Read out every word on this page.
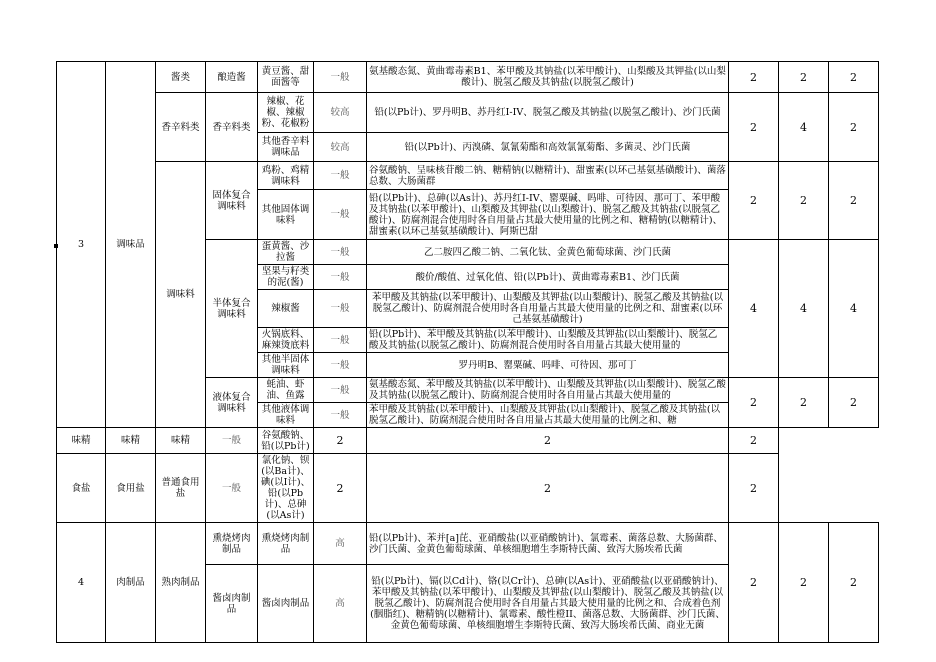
3	调味品	酱类	酿造酱	黄豆酱、甜面酱等	一般	氨基酸态氮、黄曲霉毒素B1、苯甲酸及其钠盐(以苯甲酸计)、山梨酸及其钾盐(以山梨酸计)、脱氢乙酸及其钠盐(以脱氢乙酸计)	2	2	2
		香辛料类	香辛料类	辣椒、花椒、辣椒粉、花椒粉	较高	铅(以Pb计)、罗丹明B、苏丹红I-IV、脱氢乙酸及其钠盐(以脱氢乙酸计)、沙门氏菌	2	4	2
				其他香辛料调味品	较高	铅(以Pb计)、丙溴磷、氯氰菊酯和高效氯氰菊酯、多菌灵、沙门氏菌			
		调味料	固体复合调味料	鸡粉、鸡精调味料	一般	谷氨酸钠、呈味核苷酸二钠、糖精钠(以糖精计)、甜蜜素(以环己基氨基磺酸计)、菌落总数、大肠菌群	2	2	2
				其他固体调味料	一般	铅(以Pb计)、总砷(以As计)、苏丹红I-IV、罂粟碱、吗啡、可待因、那可丁、苯甲酸及其钠盐(以苯甲酸计)、山梨酸及其钾盐(以山梨酸计)、脱氢乙酸及其钠盐(以脱氢乙酸计)、防腐剂混合使用时各自用量占其最大使用量的比例之和、糖精钠(以糖精计)、甜蜜素(以环己基氨基磺酸计)、阿斯巴甜			
			半体复合调味料	蛋黄酱、沙拉酱	一般	乙二胺四乙酸二钠、二氧化钛、金黄色葡萄球菌、沙门氏菌	4	4	4
				坚果与籽类的泥(酱)	一般	酸价/酸值、过氧化值、铅(以Pb计)、黄曲霉毒素B1、沙门氏菌			
				辣椒酱	一般	苯甲酸及其钠盐(以苯甲酸计)、山梨酸及其钾盐(以山梨酸计)、脱氢乙酸及其钠盐(以脱氢乙酸计)、防腐剂混合使用时各自用量占其最大使用量的比例之和、甜蜜素(以环己基氨基磺酸计)			
				火锅底料、麻辣烫底料	一般	铅(以Pb计)、苯甲酸及其钠盐(以苯甲酸计)、山梨酸及其钾盐(以山梨酸计)、脱氢乙酸及其钠盐(以脱氢乙酸计)、防腐剂混合使用时各自用量占其最大使用量的			
				其他半固体调味料	一般	罗丹明B、罂粟碱、吗啡、可待因、那可丁			
			液体复合调味料	蚝油、虾油、鱼露	一般	氨基酸态氮、苯甲酸及其钠盐(以苯甲酸计)、山梨酸及其钾盐(以山梨酸计)、脱氢乙酸及其钠盐(以脱氢乙酸计)、防腐剂混合使用时各自用量占其最大使用量的	2	2	2
				其他液体调味料	一般	苯甲酸及其钠盐(以苯甲酸计)、山梨酸及其钾盐(以山梨酸计)、脱氢乙酸及其钠盐(以脱氢乙酸计)、防腐剂混合使用时各自用量占其最大使用量的比例之和、糖			
味精	味精	味精	一般	谷氨酸钠、铅(以Pb计)	2	2	2		
食盐	食用盐	普通食用盐	一般	氯化钠、钡(以Ba计)、碘(以I计)、铅(以Pb计)、总砷(以As计)	2	2	2		
4	肉制品	熟肉制品	熏烧烤肉制品	熏烧烤肉制品	高	铅(以Pb计)、苯并[a]芘、亚硝酸盐(以亚硝酸钠计)、氯霉素、菌落总数、大肠菌群、沙门氏菌、金黄色葡萄球菌、单核细胞增生李斯特氏菌、致泻大肠埃希氏菌	2	2	2
			酱卤肉制品	酱卤肉制品	高	铅(以Pb计)、镉(以Cd计)、铬(以Cr计)、总砷(以As计)、亚硝酸盐(以亚硝酸钠计)、苯甲酸及其钠盐(以苯甲酸计)、山梨酸及其钾盐(以山梨酸计)、脱氢乙酸及其钠盐(以脱氢乙酸计)、防腐剂混合使用时各自用量占其最大使用量的比例之和、合成着色剂(胭脂红)、糖精钠(以糖精计)、氯霉素、酸性橙II、菌落总数、大肠菌群、沙门氏菌、金黄色葡萄球菌、单核细胞增生李斯特氏菌、致泻大肠埃希氏菌、商业无菌			
